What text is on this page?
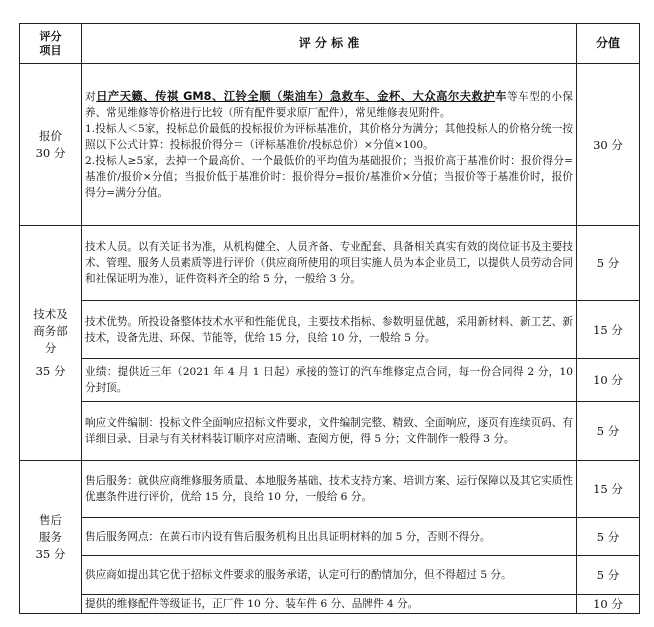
评分
项目	评 分 标 准	分值

报价
30 分	对日产天籁、传祺 GM8、江铃全顺（柴油车）急救车、金杯、大众高尔夫救护车等车型的小保养、常见维修等价格进行比较（所有配件要求原厂配件），常见维修表见附件。
1.投标人＜5家，投标总价最低的投标报价为评标基准价，其价格分为满分；其他投标人的价格分统一按照以下公式计算：投标报价得分＝（评标基准价/投标总价）×分值×100。
2.投标人≥5家，去掉一个最高价、一个最低价的平均值为基础报价；当报价高于基准价时：报价得分=基准价/报价×分值；当报价低于基准价时：报价得分=报价/基准价×分值；当报价等于基准价时，报价得分=满分分值。	30 分

技术及
商务部
分
35 分	技术人员。以有关证书为准，从机构健全、人员齐备、专业配套、具备相关真实有效的岗位证书及主要技术、管理、服务人员素质等进行评价（供应商所使用的项目实施人员为本企业员工，以提供人员劳动合同和社保证明为准），证件资料齐全的给 5 分，一般给 3 分。	5 分
	技术优势。所投设备整体技术水平和性能优良，主要技术指标、参数明显优越，采用新材料、新工艺、新技术，设备先进、环保、节能等，优给 15 分，良给 10 分，一般给 5 分。	15 分
	业绩：提供近三年（2021 年 4 月 1 日起）承接的签订的汽车维修定点合同，每一份合同得 2 分，10 分封顶。	10 分
	响应文件编制：投标文件全面响应招标文件要求，文件编制完整、精致、全面响应，逐页有连续页码、有详细目录、目录与有关材料装订顺序对应清晰、查阅方便，得 5 分；文件制作一般得 3 分。	5 分

售后
服务
35 分	售后服务：就供应商维修服务质量、本地服务基础、技术支持方案、培训方案、运行保障以及其它实质性优惠条件进行评价，优给 15 分，良给 10 分，一般给 6 分。	15 分
	售后服务网点：在黄石市内设有售后服务机构且出具证明材料的加 5 分，否则不得分。	5 分
	供应商如提出其它优于招标文件要求的服务承诺，认定可行的酌情加分，但不得超过 5 分。	5 分
	提供的维修配件等级证书，正厂件 10 分、装车件 6 分、品牌件 4 分。	10 分
